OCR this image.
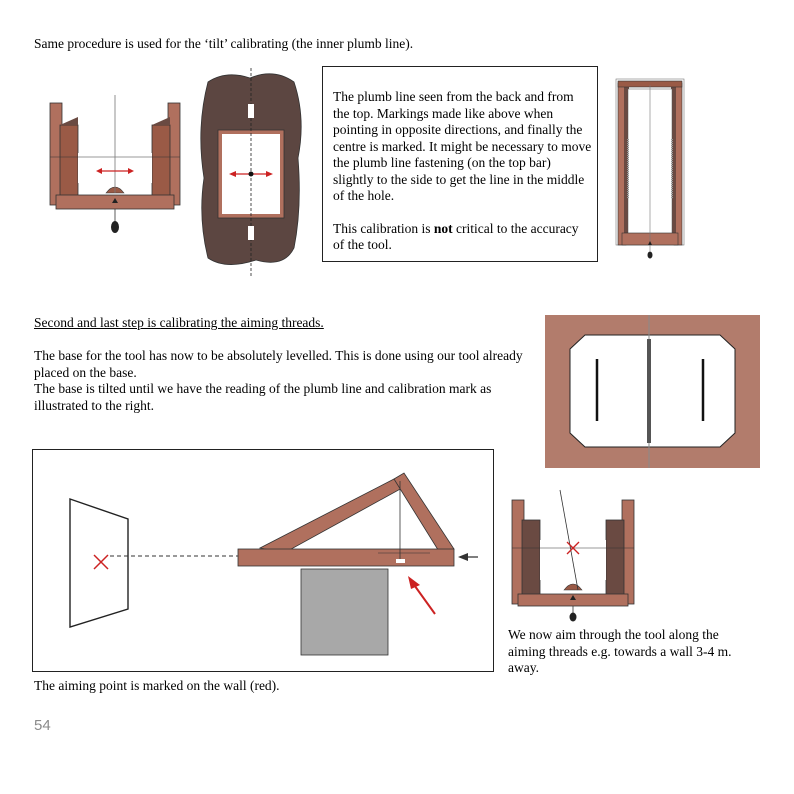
Same procedure is used for the ‘tilt’ calibrating (the inner plumb line).

The plumb line seen from the back and from the top. Markings made like above when pointing in opposite directions, and finally the centre is marked. It might be necessary to move the plumb line fastening (on the top bar) slightly to the side to get the line in the middle of the hole.

This calibration is not critical to the accuracy of the tool.

Second and last step is calibrating the aiming threads.

The base for the tool has now to be absolutely levelled. This is done using our tool already placed on the base.

The base is tilted until we have the reading of the plumb line and calibration mark as illustrated to the right.

The aiming point is marked on the wall (red).

We now aim through the tool along the aiming threads e.g. towards a wall 3-4 m. away.

54
